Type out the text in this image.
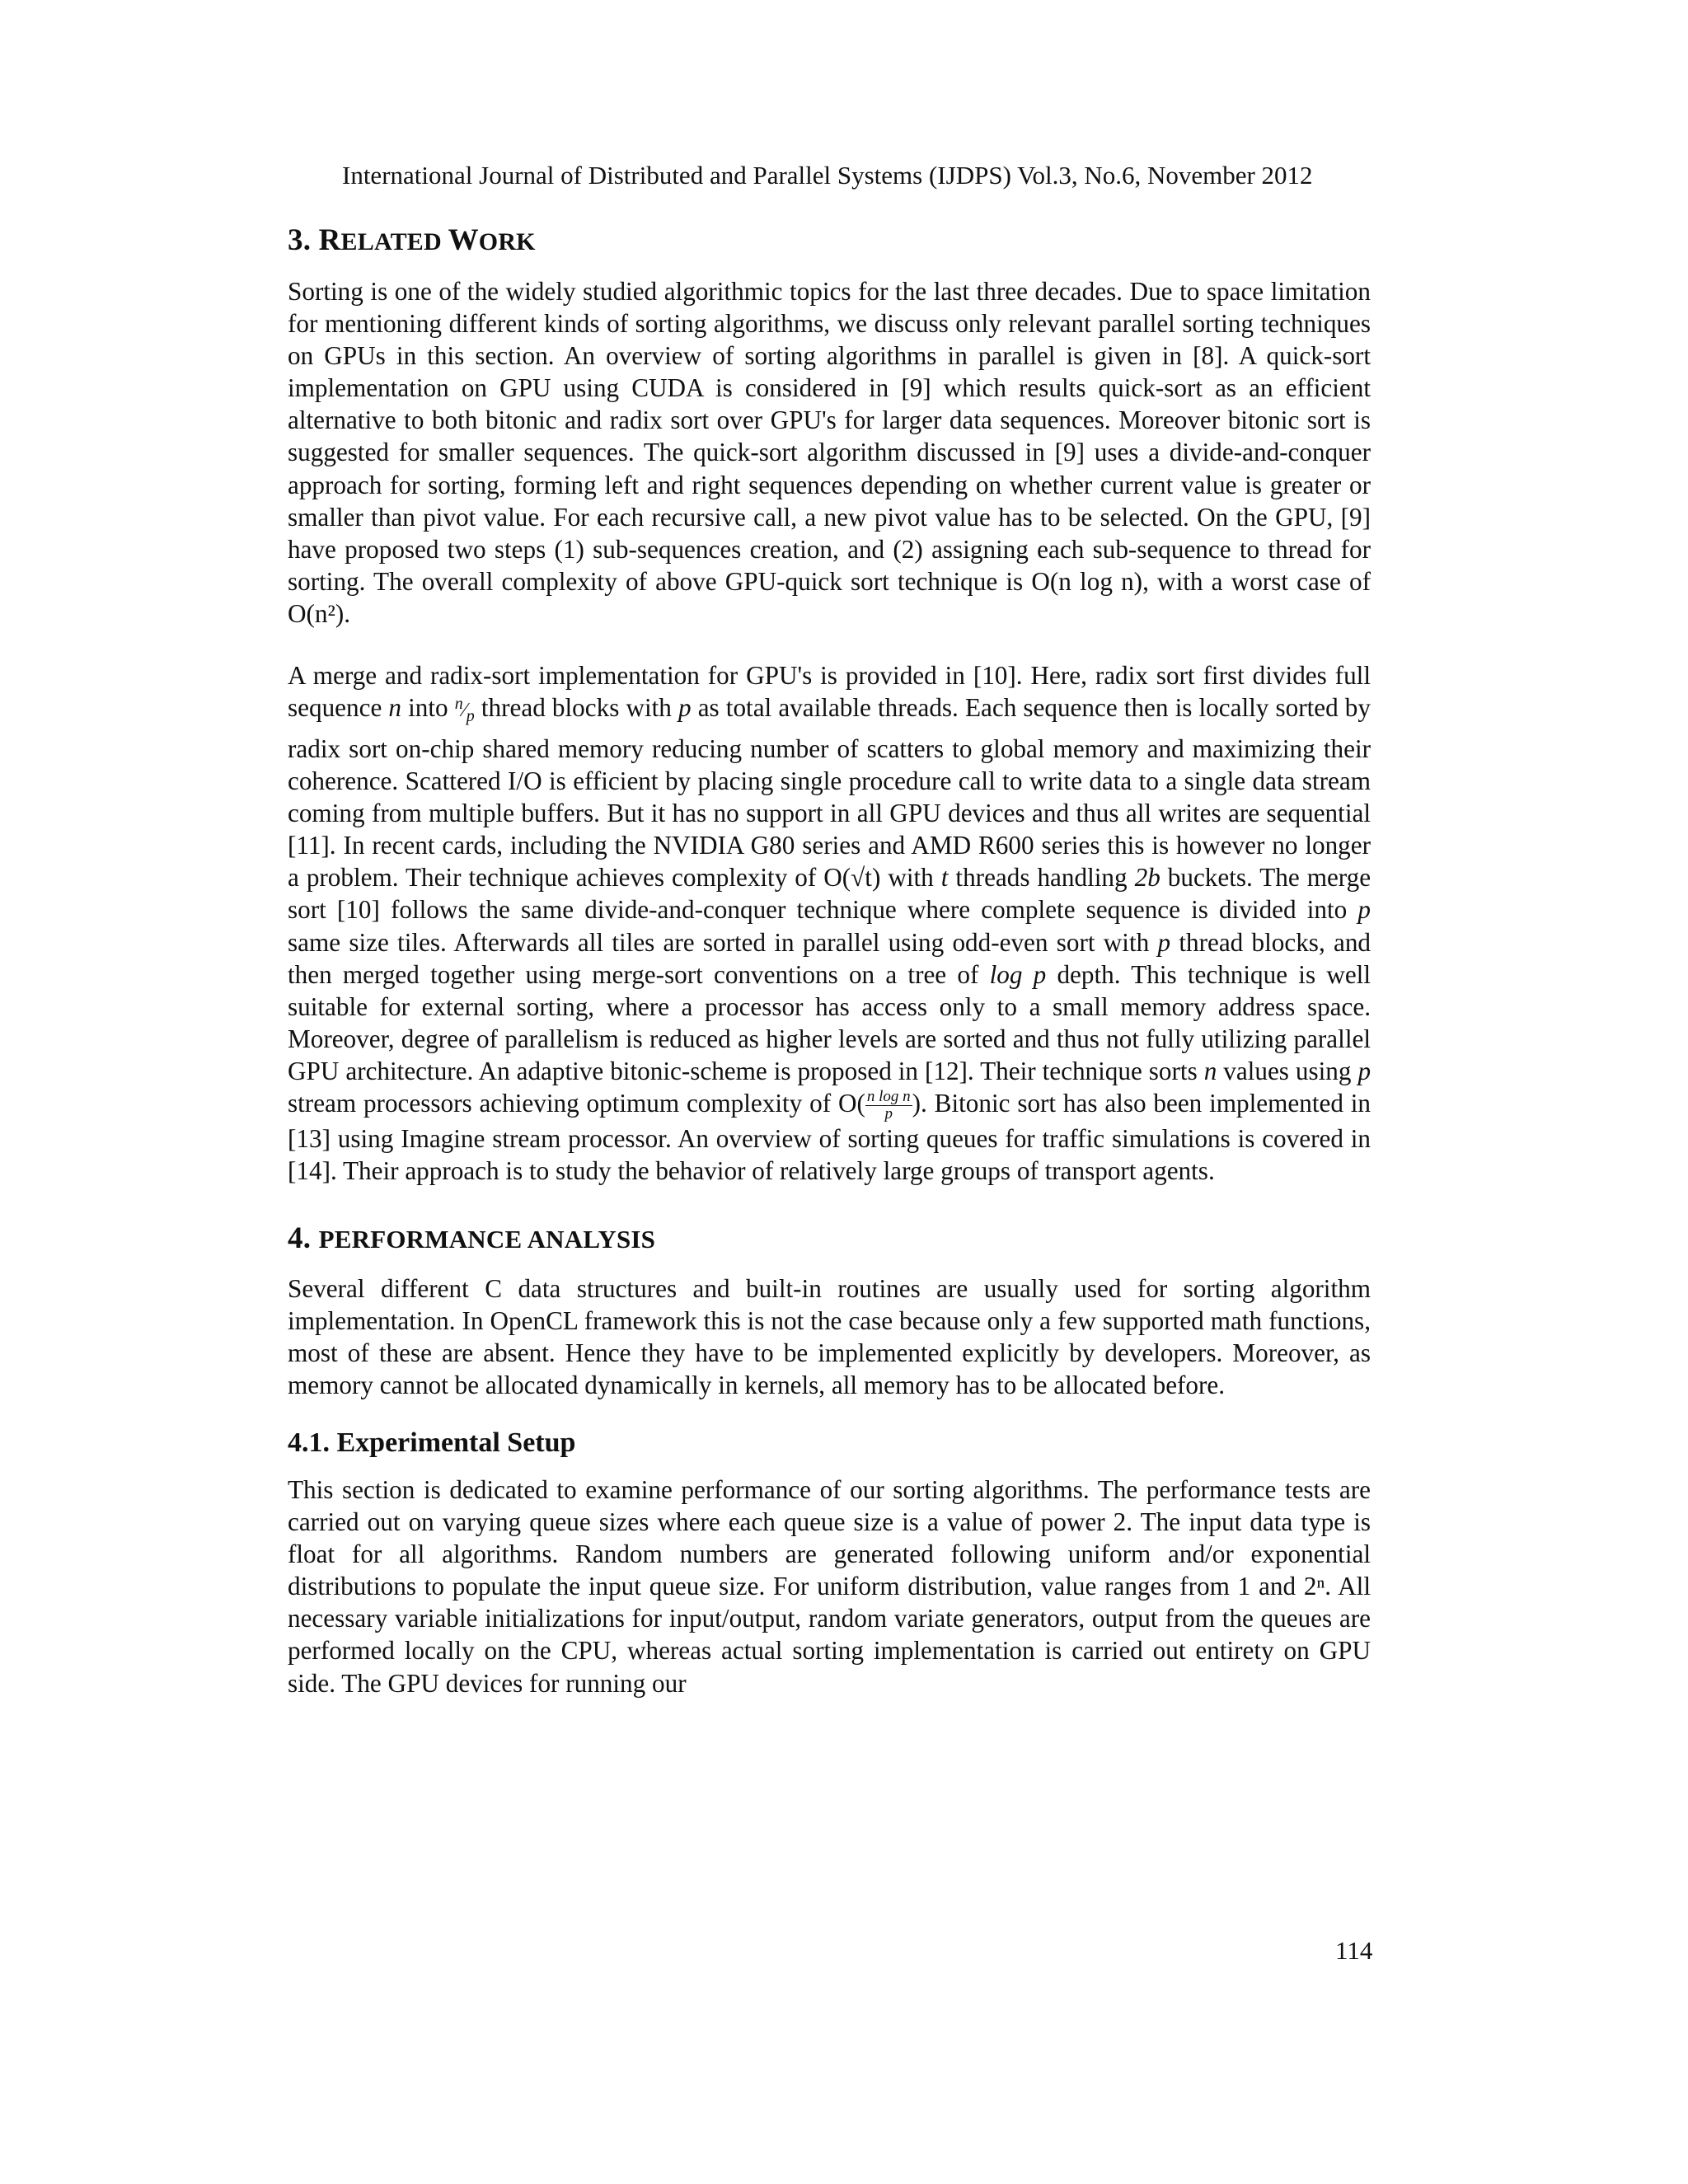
International Journal of Distributed and Parallel Systems (IJDPS) Vol.3, No.6, November 2012
3. RELATED WORK

Sorting is one of the widely studied algorithmic topics for the last three decades. Due to space limitation for mentioning different kinds of sorting algorithms, we discuss only relevant parallel sorting techniques on GPUs in this section. An overview of sorting algorithms in parallel is given in [8]. A quick-sort implementation on GPU using CUDA is considered in [9] which results quick-sort as an efficient alternative to both bitonic and radix sort over GPU's for larger data sequences. Moreover bitonic sort is suggested for smaller sequences. The quick-sort algorithm discussed in [9] uses a divide-and-conquer approach for sorting, forming left and right sequences depending on whether current value is greater or smaller than pivot value. For each recursive call, a new pivot value has to be selected. On the GPU, [9] have proposed two steps (1) sub-sequences creation, and (2) assigning each sub-sequence to thread for sorting. The overall complexity of above GPU-quick sort technique is O(n log n), with a worst case of O(n²).

A merge and radix-sort implementation for GPU's is provided in [10]. Here, radix sort first divides full sequence n into $^n⁄_p$ thread blocks with p as total available threads. Each sequence then is locally sorted by radix sort on-chip shared memory reducing number of scatters to global memory and maximizing their coherence. Scattered I/O is efficient by placing single procedure call to write data to a single data stream coming from multiple buffers. But it has no support in all GPU devices and thus all writes are sequential [11]. In recent cards, including the NVIDIA G80 series and AMD R600 series this is however no longer a problem. Their technique achieves complexity of O(√t) with t threads handling 2b buckets. The merge sort [10] follows the same divide-and-conquer technique where complete sequence is divided into p same size tiles. Afterwards all tiles are sorted in parallel using odd-even sort with p thread blocks, and then merged together using merge-sort conventions on a tree of log p depth. This technique is well suitable for external sorting, where a processor has access only to a small memory address space. Moreover, degree of parallelism is reduced as higher levels are sorted and thus not fully utilizing parallel GPU architecture. An adaptive bitonic-scheme is proposed in [12]. Their technique sorts n values using p stream processors achieving optimum complexity of $O( \frac{\text{n log n}}{p}$ ). Bitonic sort has also been implemented in [13] using Imagine stream processor. An overview of sorting queues for traffic simulations is covered in [14]. Their approach is to study the behavior of relatively large groups of transport agents.

4. PERFORMANCE ANALYSIS

Several different C data structures and built-in routines are usually used for sorting algorithm implementation. In OpenCL framework this is not the case because only a few supported math functions, most of these are absent. Hence they have to be implemented explicitly by developers. Moreover, as memory cannot be allocated dynamically in kernels, all memory has to be allocated before.

4.1. Experimental Setup

This section is dedicated to examine performance of our sorting algorithms. The performance tests are carried out on varying queue sizes where each queue size is a value of power 2. The input data type is float for all algorithms. Random numbers are generated following uniform and/or exponential distributions to populate the input queue size. For uniform distribution, value ranges from 1 and 2ⁿ. All necessary variable initializations for input/output, random variate generators, output from the queues are performed locally on the CPU, whereas actual sorting implementation is carried out entirety on GPU side. The GPU devices for running our

114
